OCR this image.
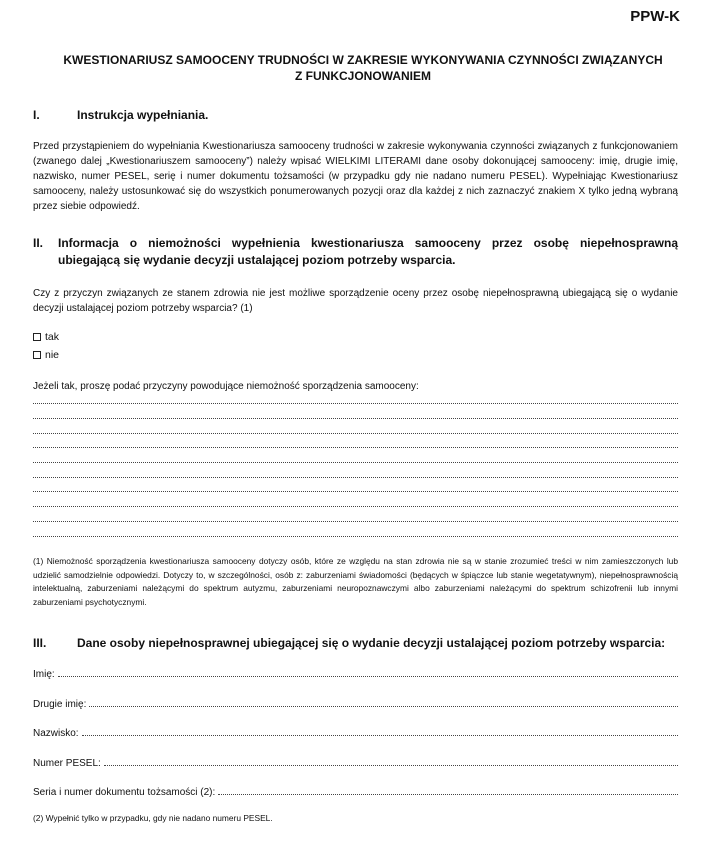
PPW-K
KWESTIONARIUSZ SAMOOCENY TRUDNOŚCI W ZAKRESIE WYKONYWANIA CZYNNOŚCI ZWIĄZANYCH
Z FUNKCJONOWANIEM
I.	Instrukcja wypełniania.
Przed przystąpieniem do wypełniania Kwestionariusza samooceny trudności w zakresie wykonywania czynności związanych z funkcjonowaniem (zwanego dalej „Kwestionariuszem samooceny”) należy wpisać WIELKIMI LITERAMI dane osoby dokonującej samooceny: imię, drugie imię, nazwisko, numer PESEL, serię i numer dokumentu tożsamości (w przypadku gdy nie nadano numeru PESEL). Wypełniając Kwestionariusz samooceny, należy ustosunkować się do wszystkich ponumerowanych pozycji oraz dla każdej z nich zaznaczyć znakiem X tylko jedną wybraną przez siebie odpowiedź.
II. Informacja o niemożności wypełnienia kwestionariusza samooceny przez osobę niepełnosprawną ubiegającą się wydanie decyzji ustalającej poziom potrzeby wsparcia.
Czy z przyczyn związanych ze stanem zdrowia nie jest możliwe sporządzenie oceny przez osobę niepełnosprawną ubiegającą się o wydanie decyzji ustalającej poziom potrzeby wsparcia? (1)
tak
nie
Jeżeli tak, proszę podać przyczyny powodujące niemożność sporządzenia samooceny:
(1) Niemożność sporządzenia kwestionariusza samooceny dotyczy osób, które ze względu na stan zdrowia nie są w stanie zrozumieć treści w nim zamieszczonych lub udzielić samodzielnie odpowiedzi. Dotyczy to, w szczególności, osób z: zaburzeniami świadomości (będących w śpiączce lub stanie wegetatywnym), niepełnosprawnością intelektualną, zaburzeniami należącymi do spektrum autyzmu, zaburzeniami neuropoznawczymi albo zaburzeniami należącymi do spektrum schizofrenii lub innymi zaburzeniami psychotycznymi.
III.	Dane osoby niepełnosprawnej ubiegającej się o wydanie decyzji ustalającej poziom potrzeby wsparcia:
Imię:
Drugie imię:
Nazwisko:
Numer PESEL:
Seria i numer dokumentu tożsamości (2):
(2) Wypełnić tylko w przypadku, gdy nie nadano numeru PESEL.
